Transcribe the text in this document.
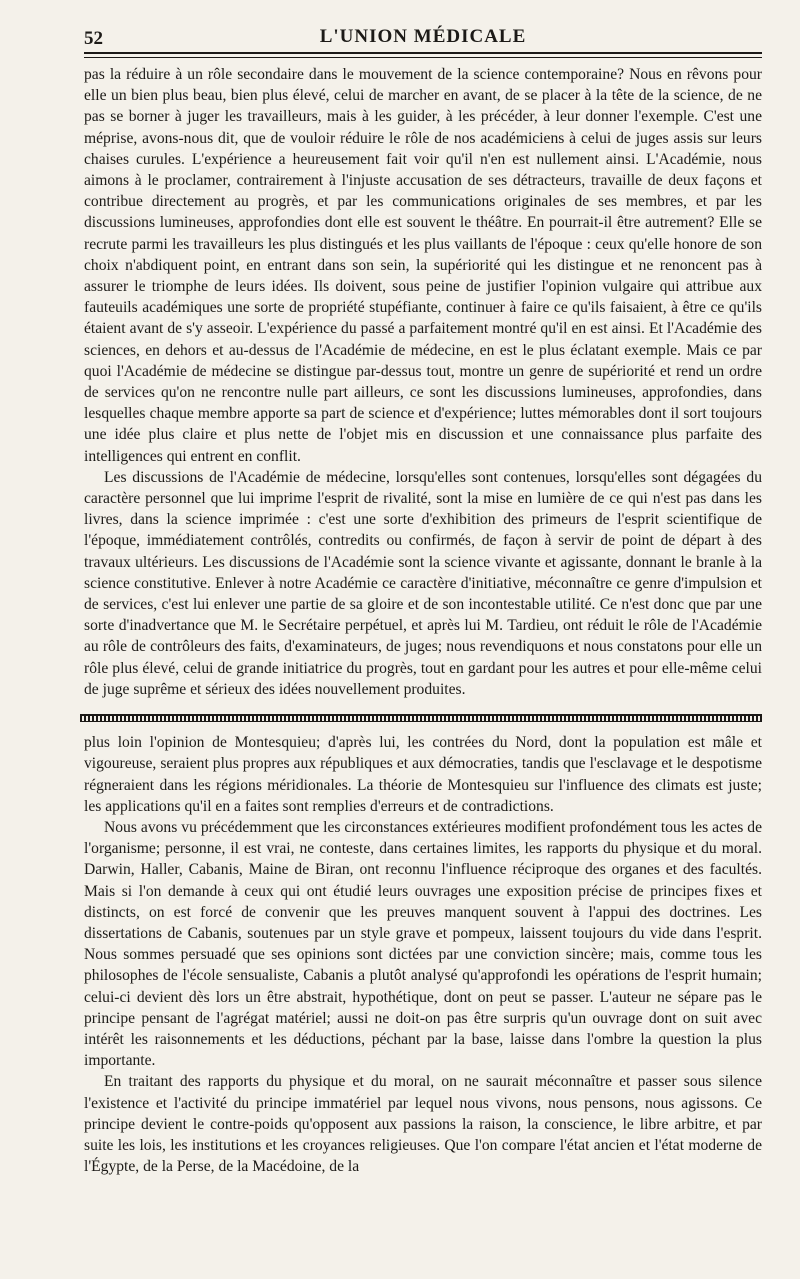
52	L'UNION MÉDICALE

pas la réduire à un rôle secondaire dans le mouvement de la science contemporaine? Nous en rêvons pour elle un bien plus beau, bien plus élevé, celui de marcher en avant, de se placer à la tête de la science, de ne pas se borner à juger les travailleurs, mais à les guider, à les précéder, à leur donner l'exemple. C'est une méprise, avons-nous dit, que de vouloir réduire le rôle de nos académiciens à celui de juges assis sur leurs chaises curules. L'expérience a heureusement fait voir qu'il n'en est nullement ainsi. L'Académie, nous aimons à le proclamer, contrairement à l'injuste accusation de ses détracteurs, travaille de deux façons et contribue directement au progrès, et par les communications originales de ses membres, et par les discussions lumineuses, approfondies dont elle est souvent le théâtre. En pourrait-il être autrement? Elle se recrute parmi les travailleurs les plus distingués et les plus vaillants de l'époque : ceux qu'elle honore de son choix n'abdiquent point, en entrant dans son sein, la supériorité qui les distingue et ne renoncent pas à assurer le triomphe de leurs idées. Ils doivent, sous peine de justifier l'opinion vulgaire qui attribue aux fauteuils académiques une sorte de propriété stupéfiante, continuer à faire ce qu'ils faisaient, à être ce qu'ils étaient avant de s'y asseoir. L'expérience du passé a parfaitement montré qu'il en est ainsi. Et l'Académie des sciences, en dehors et au-dessus de l'Académie de médecine, en est le plus éclatant exemple. Mais ce par quoi l'Académie de médecine se distingue par-dessus tout, montre un genre de supériorité et rend un ordre de services qu'on ne rencontre nulle part ailleurs, ce sont les discussions lumineuses, approfondies, dans lesquelles chaque membre apporte sa part de science et d'expérience; luttes mémorables dont il sort toujours une idée plus claire et plus nette de l'objet mis en discussion et une connaissance plus parfaite des intelligences qui entrent en conflit.

Les discussions de l'Académie de médecine, lorsqu'elles sont contenues, lorsqu'elles sont dégagées du caractère personnel que lui imprime l'esprit de rivalité, sont la mise en lumière de ce qui n'est pas dans les livres, dans la science imprimée : c'est une sorte d'exhibition des primeurs de l'esprit scientifique de l'époque, immédiatement contrôlés, contredits ou confirmés, de façon à servir de point de départ à des travaux ultérieurs. Les discussions de l'Académie sont la science vivante et agissante, donnant le branle à la science constitutive. Enlever à notre Académie ce caractère d'initiative, méconnaître ce genre d'impulsion et de services, c'est lui enlever une partie de sa gloire et de son incontestable utilité. Ce n'est donc que par une sorte d'inadvertance que M. le Secrétaire perpétuel, et après lui M. Tardieu, ont réduit le rôle de l'Académie au rôle de contrôleurs des faits, d'examinateurs, de juges; nous revendiquons et nous constatons pour elle un rôle plus élevé, celui de grande initiatrice du progrès, tout en gardant pour les autres et pour elle-même celui de juge suprême et sérieux des idées nouvellement produites.

plus loin l'opinion de Montesquieu; d'après lui, les contrées du Nord, dont la population est mâle et vigoureuse, seraient plus propres aux républiques et aux démocraties, tandis que l'esclavage et le despotisme régneraient dans les régions méridionales. La théorie de Montesquieu sur l'influence des climats est juste; les applications qu'il en a faites sont remplies d'erreurs et de contradictions.

Nous avons vu précédemment que les circonstances extérieures modifient profondément tous les actes de l'organisme; personne, il est vrai, ne conteste, dans certaines limites, les rapports du physique et du moral. Darwin, Haller, Cabanis, Maine de Biran, ont reconnu l'influence réciproque des organes et des facultés. Mais si l'on demande à ceux qui ont étudié leurs ouvrages une exposition précise de principes fixes et distincts, on est forcé de convenir que les preuves manquent souvent à l'appui des doctrines. Les dissertations de Cabanis, soutenues par un style grave et pompeux, laissent toujours du vide dans l'esprit. Nous sommes persuadé que ses opinions sont dictées par une conviction sincère; mais, comme tous les philosophes de l'école sensualiste, Cabanis a plutôt analysé qu'approfondi les opérations de l'esprit humain; celui-ci devient dès lors un être abstrait, hypothétique, dont on peut se passer. L'auteur ne sépare pas le principe pensant de l'agrégat matériel; aussi ne doit-on pas être surpris qu'un ouvrage dont on suit avec intérêt les raisonnements et les déductions, péchant par la base, laisse dans l'ombre la question la plus importante.

En traitant des rapports du physique et du moral, on ne saurait méconnaître et passer sous silence l'existence et l'activité du principe immatériel par lequel nous vivons, nous pensons, nous agissons. Ce principe devient le contre-poids qu'opposent aux passions la raison, la conscience, le libre arbitre, et par suite les lois, les institutions et les croyances religieuses. Que l'on compare l'état ancien et l'état moderne de l'Égypte, de la Perse, de la Macédoine, de la
